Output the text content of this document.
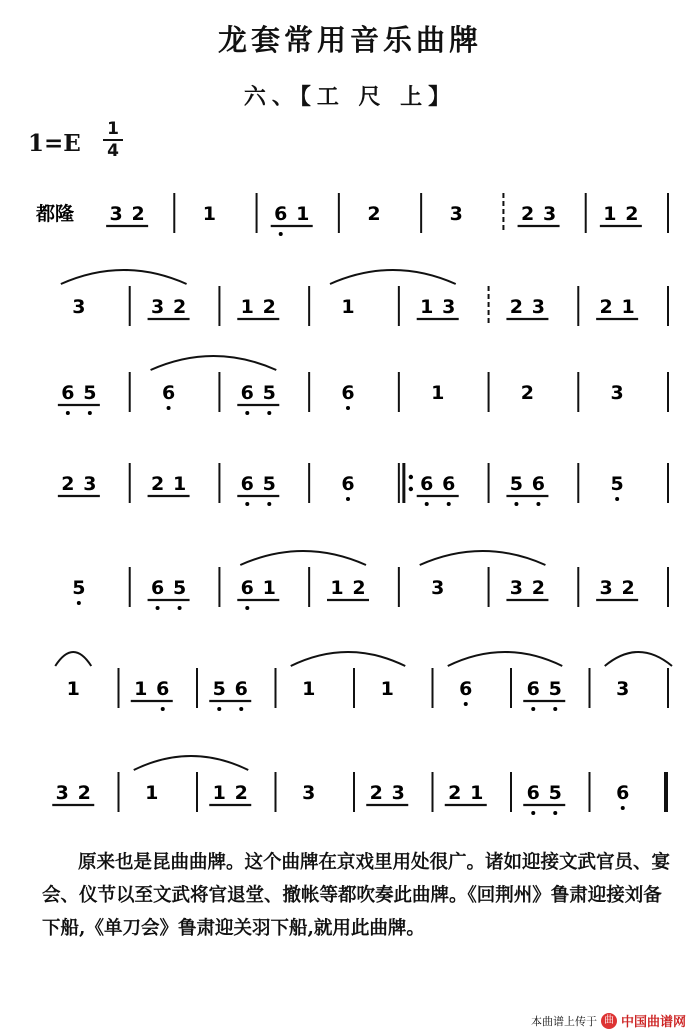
龙套常用音乐曲牌
六、【工 尺 上】
1=E
1
4
都隆 3 2	1	6 1	2	3	2 3 1 2
3	3 2	1 2	1	1 3	2 3	2 1
6 5	6	6 5	6	1	2	3
2 3	2 1	6 5	6	6 6	5 6	5
5	6 5	6 1	1 2	3	3 2	3 2
1	1 6 5 6	1	1	6	6 5	3
3 2	1	1 2	3	2 3 2 1 6 5	6
原来也是昆曲曲牌。这个曲牌在京戏里用处很广。诸如迎接文武官员、宴会、仪节以至文武将官退堂、撤帐等都吹奏此曲牌。《回荆州》鲁肃迎接刘备下船,《单刀会》鲁肃迎关羽下船,就用此曲牌。
本曲谱上传于 曲 中国曲谱网
